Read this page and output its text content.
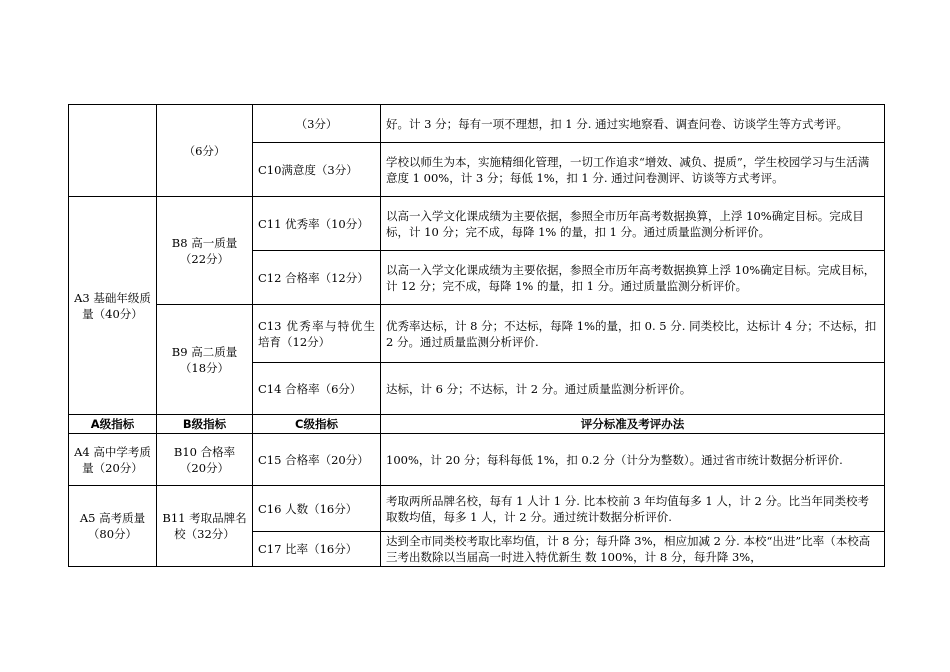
	（6分）	（3分）	好。计 3 分；每有一项不理想，扣 1 分. 通过实地察看、调查问卷、访谈学生等方式考评。
		C10满意度（3分）	学校以师生为本，实施精细化管理，一切工作追求“增效、减负、提质”，学生校园学习与生活满意度 1 00%，计 3 分；每低 1%，扣 1 分. 通过问卷测评、访谈等方式考评。
A3 基础年级质量（40分）	B8 高一质量（22分）	C11 优秀率（10分）	以高一入学文化课成绩为主要依据，参照全市历年高考数据换算，上浮 10%确定目标。完成目标，计 10 分；完不成，每降 1% 的量，扣 1 分。通过质量监测分析评价。
		C12 合格率（12分）	以高一入学文化课成绩为主要依据，参照全市历年高考数据换算上浮 10%确定目标。完成目标，计 12 分；完不成，每降 1% 的量，扣 1 分。通过质量监测分析评价。
	B9 高二质量（18分）	C13 优秀率与特优生培育（12分）	优秀率达标，计 8 分；不达标，每降 1%的量，扣 0. 5 分. 同类校比，达标计 4 分；不达标，扣 2 分。通过质量监测分析评价.
		C14 合格率（6分）	达标，计 6 分；不达标，计 2 分。通过质量监测分析评价。
A级指标	B级指标	C级指标	评分标准及考评办法
A4 高中学考质量（20分）	B10 合格率（20分）	C15 合格率（20分）	100%，计 20 分；每科每低 1%，扣 0.2 分（计分为整数）。通过省市统计数据分析评价.
A5 高考质量（80分）	B11 考取品牌名校（32分）	C16 人数（16分）	考取两所品牌名校，每有 1 人计 1 分. 比本校前 3 年均值每多 1 人，计 2 分。比当年同类校考取数均值，每多 1 人，计 2 分。通过统计数据分析评价.
		C17 比率（16分）	达到全市同类校考取比率均值，计 8 分；每升降 3%，相应加减 2 分. 本校“出进”比率（本校高三考出数除以当届高一时进入特优新生 数 100%，计 8 分，每升降 3%，
